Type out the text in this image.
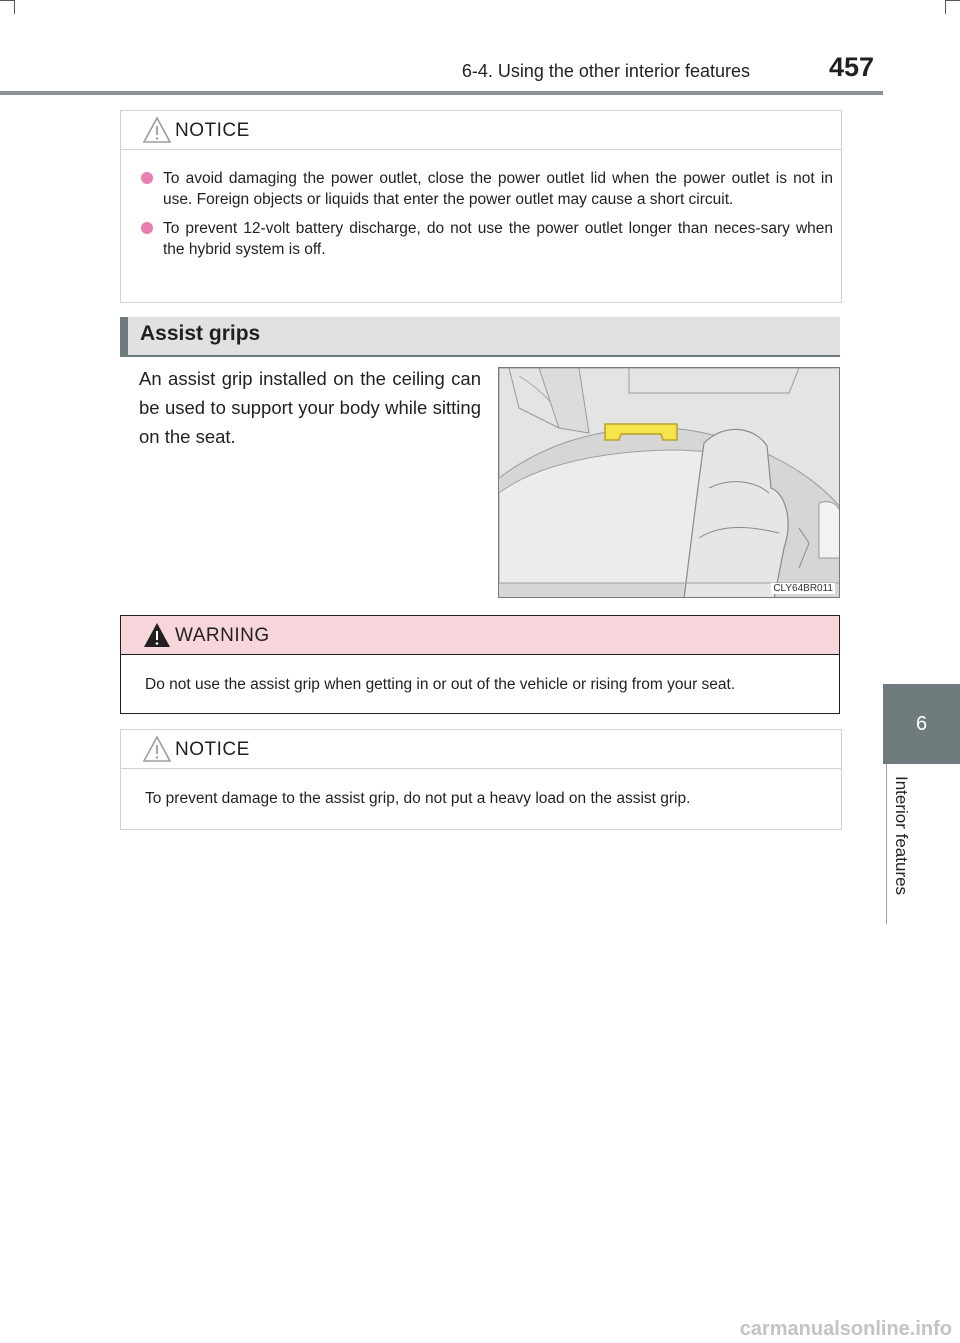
6-4. Using the other interior features	457
6
Interior features
NOTICE
To avoid damaging the power outlet, close the power outlet lid when the power outlet is not in use. Foreign objects or liquids that enter the power outlet may cause a short circuit.
To prevent 12-volt battery discharge, do not use the power outlet longer than neces-sary when the hybrid system is off.
Assist grips
An assist grip installed on the ceiling can be used to support your body while sitting on the seat.
CLY64BR011
WARNING
Do not use the assist grip when getting in or out of the vehicle or rising from your seat.
NOTICE
To prevent damage to the assist grip, do not put a heavy load on the assist grip.
carmanualsonline.info
